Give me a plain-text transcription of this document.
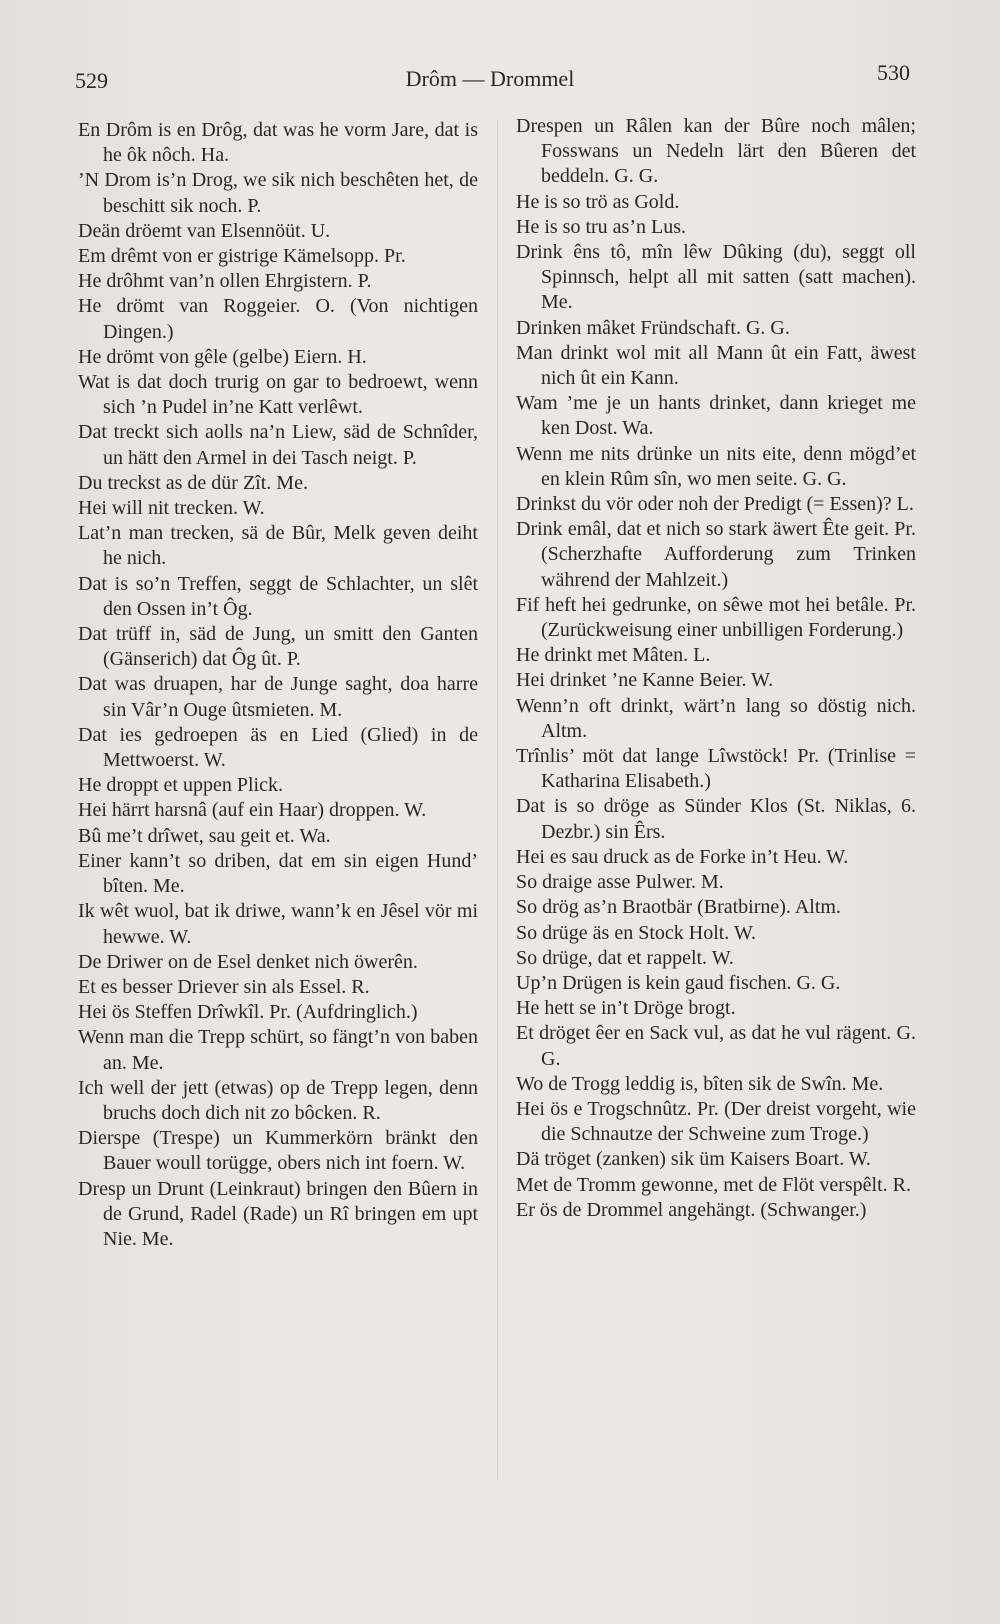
529	Drôm — Drommel	530

En Drôm is en Drôg, dat was he vorm Jare, dat is he ôk nôch. Ha.

’N Drom is’n Drog, we sik nich beschêten het, de beschitt sik noch. P.

Deän dröemt van Elsennöüt. U.

Em drêmt von er gistrige Kämelsopp. Pr.

He drôhmt van’n ollen Ehrgistern. P.

He drömt van Roggeier. O. (Von nichtigen Dingen.)

He drömt von gêle (gelbe) Eiern. H.

Wat is dat doch trurig on gar to bedroewt, wenn sich ’n Pudel in’ne Katt verlêwt.

Dat treckt sich aolls na’n Liew, säd de Schnîder, un hätt den Armel in dei Tasch neigt. P.

Du treckst as de dür Zît. Me.

Hei will nit trecken. W.

Lat’n man trecken, sä de Bûr, Melk geven deiht he nich.

Dat is so’n Treffen, seggt de Schlachter, un slêt den Ossen in’t Ôg.

Dat trüff in, säd de Jung, un smitt den Ganten (Gänserich) dat Ôg ût. P.

Dat was druapen, har de Junge saght, doa harre sin Vâr’n Ouge ûtsmieten. M.

Dat ies gedroepen äs en Lied (Glied) in de Mettwoerst. W.

He droppt et uppen Plick.

Hei härrt harsnâ (auf ein Haar) droppen. W.

Bû me’t drîwet, sau geit et. Wa.

Einer kann’t so driben, dat em sin eigen Hund’ bîten. Me.

Ik wêt wuol, bat ik driwe, wann’k en Jêsel vör mi hewwe. W.

De Driwer on de Esel denket nich öwerên.

Et es besser Driever sin als Essel. R.

Hei ös Steffen Drîwkîl. Pr. (Aufdringlich.)

Wenn man die Trepp schürt, so fängt’n von baben an. Me.

Ich well der jett (etwas) op de Trepp legen, denn bruchs doch dich nit zo bôcken. R.

Dierspe (Trespe) un Kummerkörn bränkt den Bauer woull torügge, obers nich int foern. W.

Dresp un Drunt (Leinkraut) bringen den Bûern in de Grund, Radel (Rade) un Rî bringen em upt Nie. Me.

Drespen un Râlen kan der Bûre noch mâlen; Fosswans un Nedeln lärt den Bûeren det beddeln. G. G.

He is so trö as Gold.

He is so tru as’n Lus.

Drink êns tô, mîn lêw Dûking (du), seggt oll Spinnsch, helpt all mit satten (satt machen). Me.

Drinken mâket Fründschaft. G. G.

Man drinkt wol mit all Mann ût ein Fatt, äwest nich ût ein Kann.

Wam ’me je un hants drinket, dann krieget me ken Dost. Wa.

Wenn me nits drünke un nits eite, denn mögd’et en klein Rûm sîn, wo men seite. G. G.

Drinkst du vör oder noh der Predigt (= Essen)? L.

Drink emâl, dat et nich so stark äwert Ête geit. Pr. (Scherzhafte Aufforderung zum Trinken während der Mahlzeit.)

Fif heft hei gedrunke, on sêwe mot hei betâle. Pr. (Zurückweisung einer unbilligen Forderung.)

He drinkt met Mâten. L.

Hei drinket ’ne Kanne Beier. W.

Wenn’n oft drinkt, wärt’n lang so döstig nich. Altm.

Trînlis’ möt dat lange Lîwstöck! Pr. (Trinlise = Katharina Elisabeth.)

Dat is so dröge as Sünder Klos (St. Niklas, 6. Dezbr.) sin Êrs.

Hei es sau druck as de Forke in’t Heu. W.

So draige asse Pulwer. M.

So drög as’n Braotbär (Bratbirne). Altm.

So drüge äs en Stock Holt. W.

So drüge, dat et rappelt. W.

Up’n Drügen is kein gaud fischen. G. G.

He hett se in’t Dröge brogt.

Et dröget êer en Sack vul, as dat he vul rägent. G. G.

Wo de Trogg leddig is, bîten sik de Swîn. Me.

Hei ös e Trogschnûtz. Pr. (Der dreist vorgeht, wie die Schnautze der Schweine zum Troge.)

Dä tröget (zanken) sik üm Kaisers Boart. W.

Met de Tromm gewonne, met de Flöt verspêlt. R.

Er ös de Drommel angehängt. (Schwanger.)
